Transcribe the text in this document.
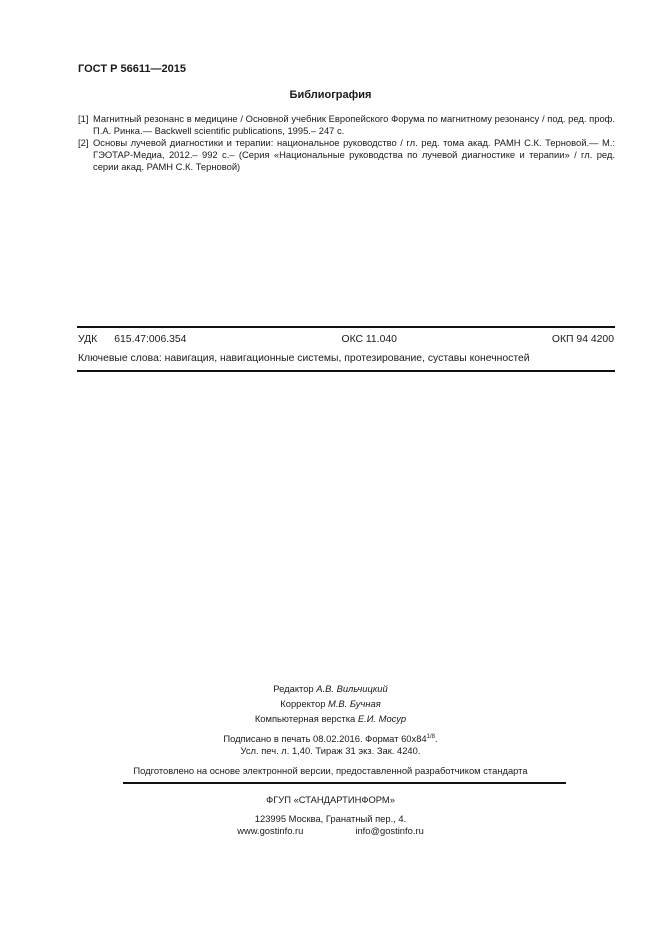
ГОСТ Р 56611—2015
Библиография
[1] Магнитный резонанс в медицине / Основной учебник Европейского Форума по магнитному резонансу / под. ред. проф. П.А. Ринка.— Backwell scientific publications, 1995.– 247 с.
[2] Основы лучевой диагностики и терапии: национальное руководство / гл. ред. тома акад. РАМН С.К. Терновой.— М.: ГЭОТАР-Медиа, 2012.– 992 с.– (Серия «Национальные руководства по лучевой диагностике и терапии» / гл. ред. серии акад. РАМН С.К. Терновой)
УДК 615.47:006.354	ОКС 11.040	ОКП 94 4200
Ключевые слова: навигация, навигационные системы, протезирование, суставы конечностей
Редактор А.В. Вильчицкий
Корректор М.В. Бучная
Компьютерная верстка Е.И. Мосур
Подписано в печать 08.02.2016. Формат $60x84^{1/8}$.
Усл. печ. л. 1,40. Тираж 31 экз. Зак. 4240.
Подготовлено на основе электронной версии, предоставленной разработчиком стандарта
ФГУП «СТАНДАРТИНФОРМ»
123995 Москва, Гранатный пер., 4.
www.gostinfo.ru	info@gostinfo.ru
